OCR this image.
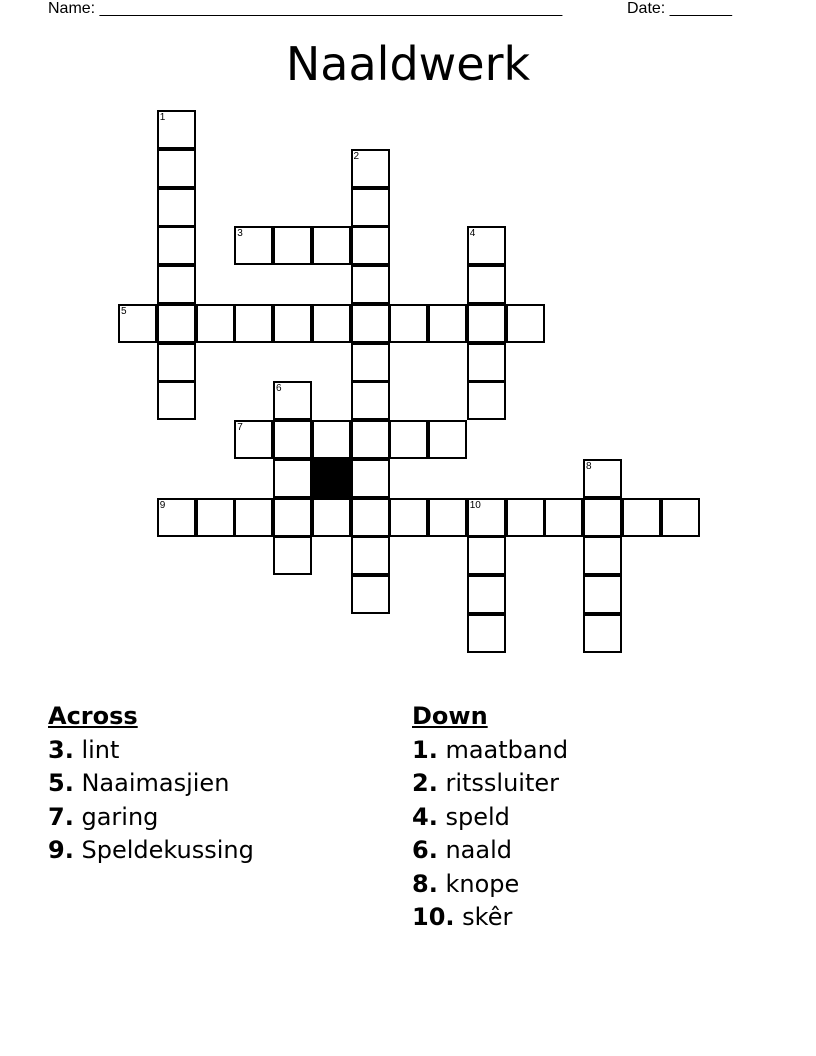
Name: ____________________________________________________	Date: _______
Naaldwerk
1
2
3	4
5
6
7
8
9	10
Across
3. lint
5. Naaimasjien
7. garing
9. Speldekussing
Down
1. maatband
2. ritssluiter
4. speld
6. naald
8. knope
10. skêr
